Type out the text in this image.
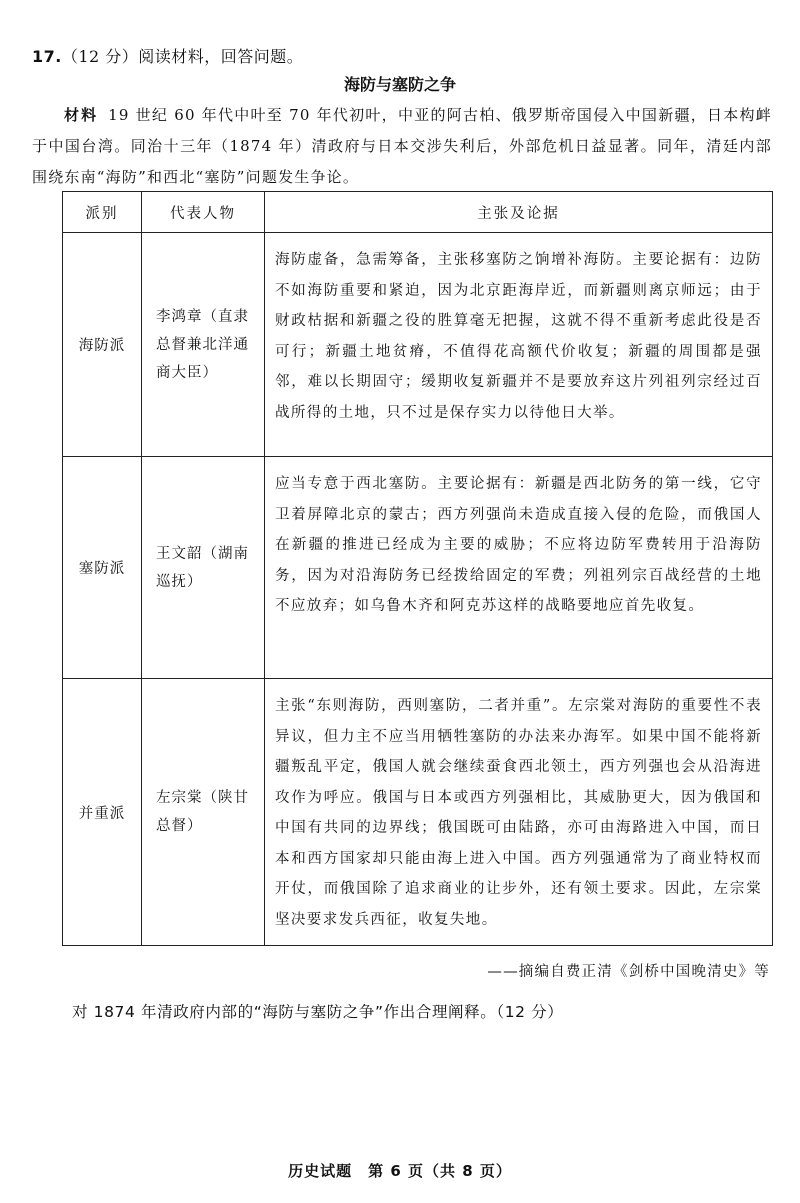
17.（12 分）阅读材料，回答问题。
海防与塞防之争
材料 19 世纪 60 年代中叶至 70 年代初叶，中亚的阿古柏、俄罗斯帝国侵入中国新疆，日本构衅于中国台湾。同治十三年（1874 年）清政府与日本交涉失利后，外部危机日益显著。同年，清廷内部围绕东南“海防”和西北“塞防”问题发生争论。
派别	代表人物	主张及论据
海防派	李鸿章（直隶总督兼北洋通商大臣）	海防虚备，急需筹备，主张移塞防之饷增补海防。主要论据有：边防不如海防重要和紧迫，因为北京距海岸近，而新疆则离京师远；由于财政枯据和新疆之役的胜算毫无把握，这就不得不重新考虑此役是否可行；新疆土地贫瘠，不值得花高额代价收复；新疆的周围都是强邻，难以长期固守；缓期收复新疆并不是要放弃这片列祖列宗经过百战所得的土地，只不过是保存实力以待他日大举。
塞防派	王文韶（湖南巡抚）	应当专意于西北塞防。主要论据有：新疆是西北防务的第一线，它守卫着屏障北京的蒙古；西方列强尚未造成直接入侵的危险，而俄国人在新疆的推进已经成为主要的威胁；不应将边防军费转用于沿海防务，因为对沿海防务已经拨给固定的军费；列祖列宗百战经营的土地不应放弃；如乌鲁木齐和阿克苏这样的战略要地应首先收复。
并重派	左宗棠（陕甘总督）	主张“东则海防，西则塞防，二者并重”。左宗棠对海防的重要性不表异议，但力主不应当用牺牲塞防的办法来办海军。如果中国不能将新疆叛乱平定，俄国人就会继续蚕食西北领土，西方列强也会从沿海进攻作为呼应。俄国与日本或西方列强相比，其威胁更大，因为俄国和中国有共同的边界线；俄国既可由陆路，亦可由海路进入中国，而日本和西方国家却只能由海上进入中国。西方列强通常为了商业特权而开仗，而俄国除了追求商业的让步外，还有领土要求。因此，左宗棠坚决要求发兵西征，收复失地。
——摘编自费正清《剑桥中国晚清史》等
对 1874 年清政府内部的“海防与塞防之争”作出合理阐释。（12 分）
历史试题　第 6 页（共 8 页）
